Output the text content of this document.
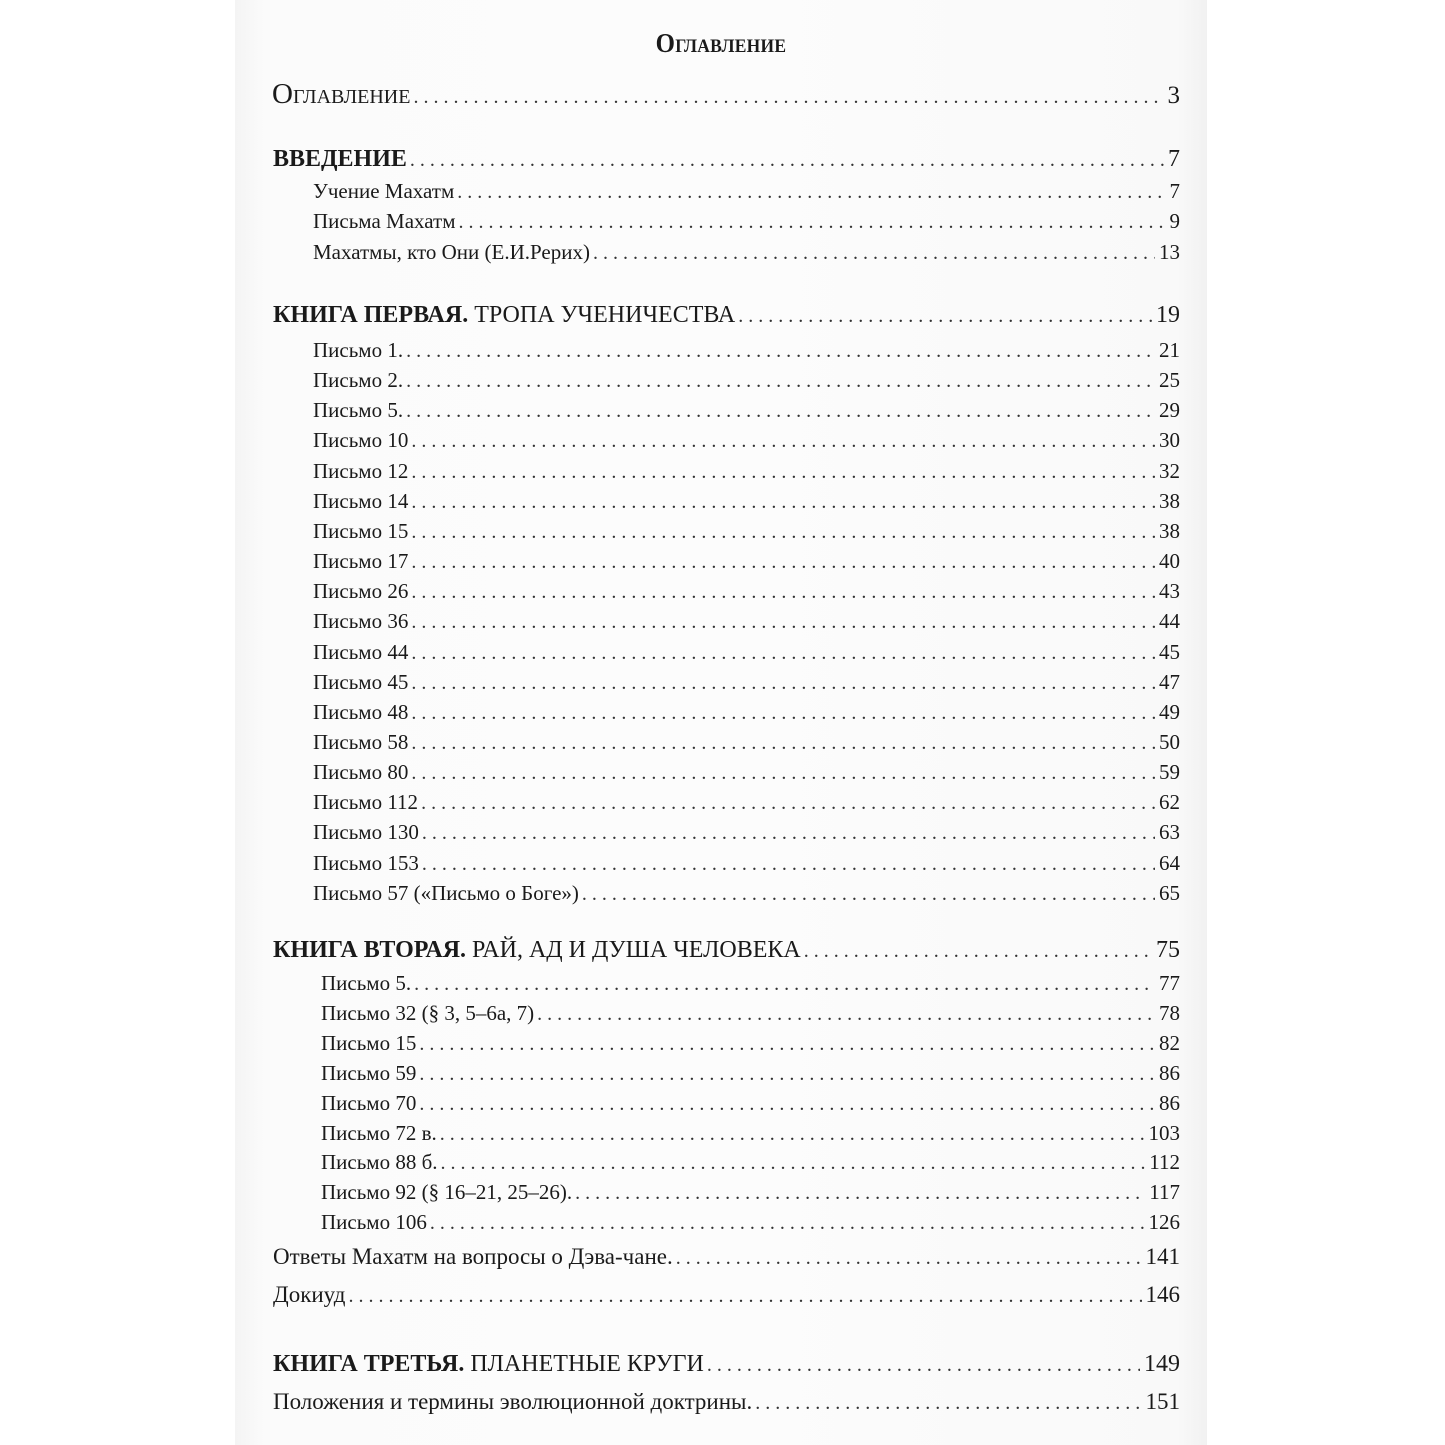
Оглавление
Оглавление . . .	3
ВВЕДЕНИЕ . . .	7
Учение Махатм . . .	7
Письма Махатм . . .	9
Махатмы, кто Они (Е.И.Рерих) . . .	13
КНИГА ПЕРВАЯ. ТРОПА УЧЕНИЧЕСТВА . . .	19
Письмо 1. . . .	21
Письмо 2. . . .	25
Письмо 5. . . .	29
Письмо 10 . . .	30
Письмо 12 . . .	32
Письмо 14 . . .	38
Письмо 15 . . .	38
Письмо 17 . . .	40
Письмо 26 . . .	43
Письмо 36 . . .	44
Письмо 44 . . .	45
Письмо 45 . . .	47
Письмо 48 . . .	49
Письмо 58 . . .	50
Письмо 80 . . .	59
Письмо 112 . . .	62
Письмо 130 . . .	63
Письмо 153 . . .	64
Письмо 57 («Письмо о Боге») . . .	65
КНИГА ВТОРАЯ. РАЙ, АД И ДУША ЧЕЛОВЕКА . . .	75
Письмо 5. . . .	77
Письмо 32 (§ 3, 5–6а, 7) . . .	78
Письмо 15 . . .	82
Письмо 59 . . .	86
Письмо 70 . . .	86
Письмо 72 в. . . .	103
Письмо 88 б. . . .	112
Письмо 92 (§ 16–21, 25–26). . . .	117
Письмо 106 . . .	126
Ответы Махатм на вопросы о Дэва-чане. . . .	141
Докиуд . . .	146
КНИГА ТРЕТЬЯ. ПЛАНЕТНЫЕ КРУГИ . . .	149
Положения и термины эволюционной доктрины. . . .	151
